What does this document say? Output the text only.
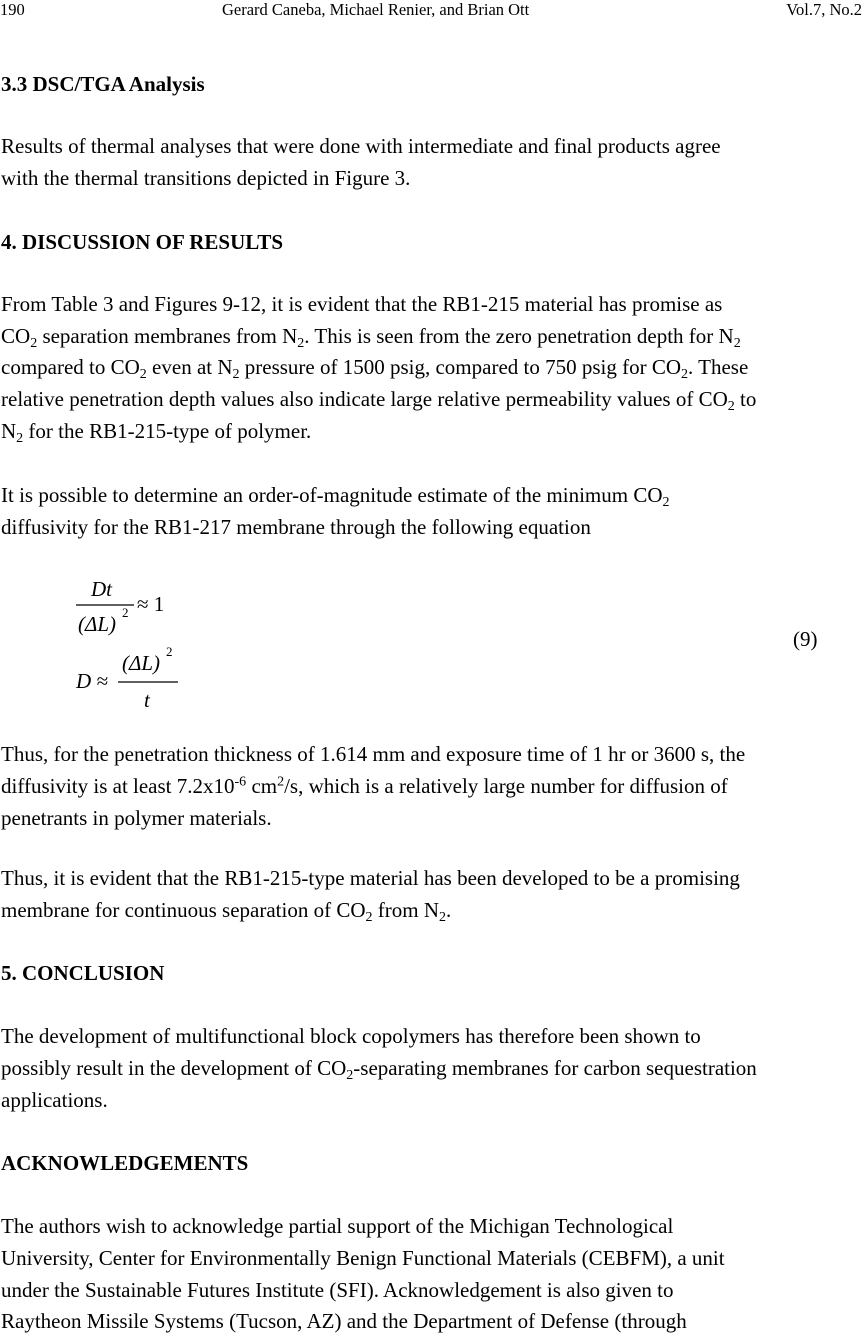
190	Gerard Caneba, Michael Renier, and Brian Ott	Vol.7, No.2
3.3 DSC/TGA Analysis
Results of thermal analyses that were done with intermediate and final products agree
with the thermal transitions depicted in Figure 3.
4. DISCUSSION OF RESULTS
From Table 3 and Figures 9-12, it is evident that the RB1-215 material has promise as
$CO_2$ separation membranes from $N_2$. This is seen from the zero penetration depth for $N_2$
compared to $CO_2$ even at $N_2$ pressure of 1500 psig, compared to 750 psig for $CO_2$. These
relative penetration depth values also indicate large relative permeability values of $CO_2$ to
$N_2$ for the RB1-215-type of polymer.
It is possible to determine an order-of-magnitude estimate of the minimum $CO_2$
diffusivity for the RB1-217 membrane through the following equation
Dt
(ΔL) 2 ≈ 1
D ≈
(ΔL) 2
t
(9)
Thus, for the penetration thickness of 1.614 mm and exposure time of 1 hr or 3600 s, the
diffusivity is at least $7.2x10^{-6}$ $cm^2/s$, which is a relatively large number for diffusion of
penetrants in polymer materials.
Thus, it is evident that the RB1-215-type material has been developed to be a promising
membrane for continuous separation of $CO_2$ from $N_2$.
5. CONCLUSION
The development of multifunctional block copolymers has therefore been shown to
possibly result in the development of $CO_2$-separating membranes for carbon sequestration
applications.
ACKNOWLEDGEMENTS
The authors wish to acknowledge partial support of the Michigan Technological
University, Center for Environmentally Benign Functional Materials (CEBFM), a unit
under the Sustainable Futures Institute (SFI). Acknowledgement is also given to
Raytheon Missile Systems (Tucson, AZ) and the Department of Defense (through
